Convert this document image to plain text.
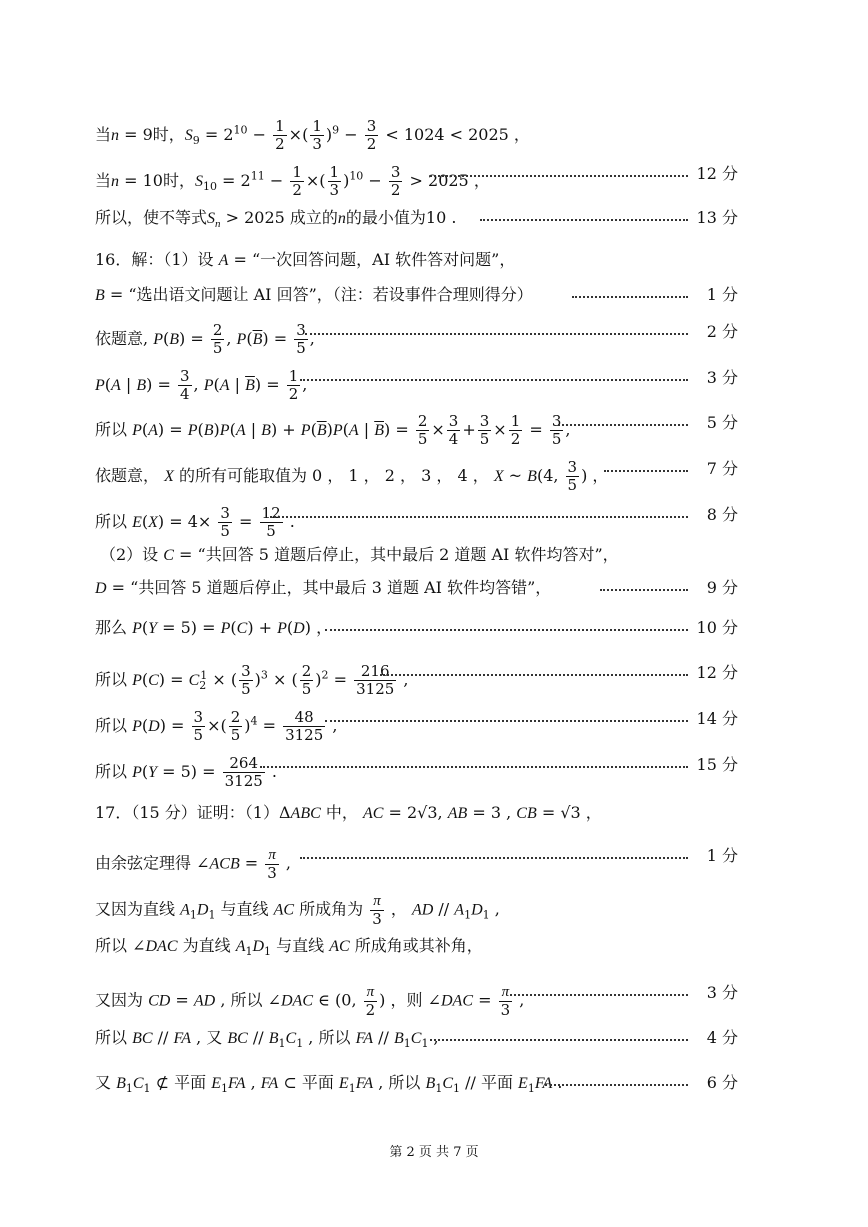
当n = 9时，$S_9 = 2^{10} - \frac{1}{2}$ ×( $\frac{1}{3} )^9 - \frac{3}{2} < 1024 < 2025$ ，
当n = 10时，$S_{10} = 2^{11} - \frac{1}{2}$ ×( $\frac{1}{3} )^{10} - \frac{3}{2} > 2025$ ，	12 分
所以，使不等式$S_n > 2025$ 成立的n的最小值为10 .	13 分
16．解：（1）设 A = “一次回答问题，AI 软件答对问题”，
B = “选出语文问题让 AI 回答”，（注：若设事件合理则得分）	1 分
依题意, $P(B) = \frac{2}{5}$ , $P(\overline{B}) = \frac{3}{5}$ ,	2 分
P(A | $B) = \frac{3}{4}$ , P(A | $\overline{B}) = \frac{1}{2}$ ,	3 分
所以 P(A) = P(B)P(A | $B) + P(\overline{B})P(A$ | $\overline{B}) = \frac{2}{5} \times \frac{3}{4} + \frac{3}{5} \times \frac{1}{2} = \frac{3}{5}$ ,	5 分
依题意， X 的所有可能取值为 0 ， 1 ， 2 ， 3 ， 4 ， X ~ B(4, $\frac{3}{5}$ ) ，	7 分
所以 $E(X) = 4\times \frac{3}{5} = \frac{12}{5}$ .	8 分
（2）设 C = “共回答 5 道题后停止，其中最后 2 道题 AI 软件均答对”，
D = “共回答 5 道题后停止，其中最后 3 道题 AI 软件均答错”，	9 分
那么 P(Y = 5) = P(C) + P(D) ，	10 分
所以 $P(C) = C_2^1$ × ( $\frac{3}{5} )^3$ × ( $\frac{2}{5} )^2 = \frac{216}{3125}$ ,	12 分
所以 $P(D) = \frac{3}{5}$ ×( $\frac{2}{5} )^4 = \frac{48}{3125}$ ,	14 分
所以 $P(Y = 5) = \frac{264}{3125}$ .	15 分
17．（15 分）证明：（1）ΔABC 中， AC = 2√3, AB = 3 , CB = √3 ，
由余弦定理得 ∠ACB = $\frac{\pi}{3}$ ,	1 分
又因为直线 $A_1D_1$ 与直线 AC 所成角为 $\frac{\pi}{3}$ ， AD // $A_1D_1$ ,
所以 ∠DAC 为直线 $A_1D_1$ 与直线 AC 所成角或其补角，
又因为 CD = AD , 所以 ∠DAC ∈ (0, $\frac{\pi}{2}$ ) ，则 ∠DAC = $\frac{\pi}{3}$ ,	3 分
所以 BC // FA , 又 BC // $B_1C_1$ , 所以 FA // $B_1C_1$ ,	4 分
又 $B_1C_1$ ⊄ 平面 $E_1FA$ , FA ⊂ 平面 $E_1FA$ , 所以 $B_1C_1$ // 平面 $E_1FA$ .	6 分
第 2 页 共 7 页
